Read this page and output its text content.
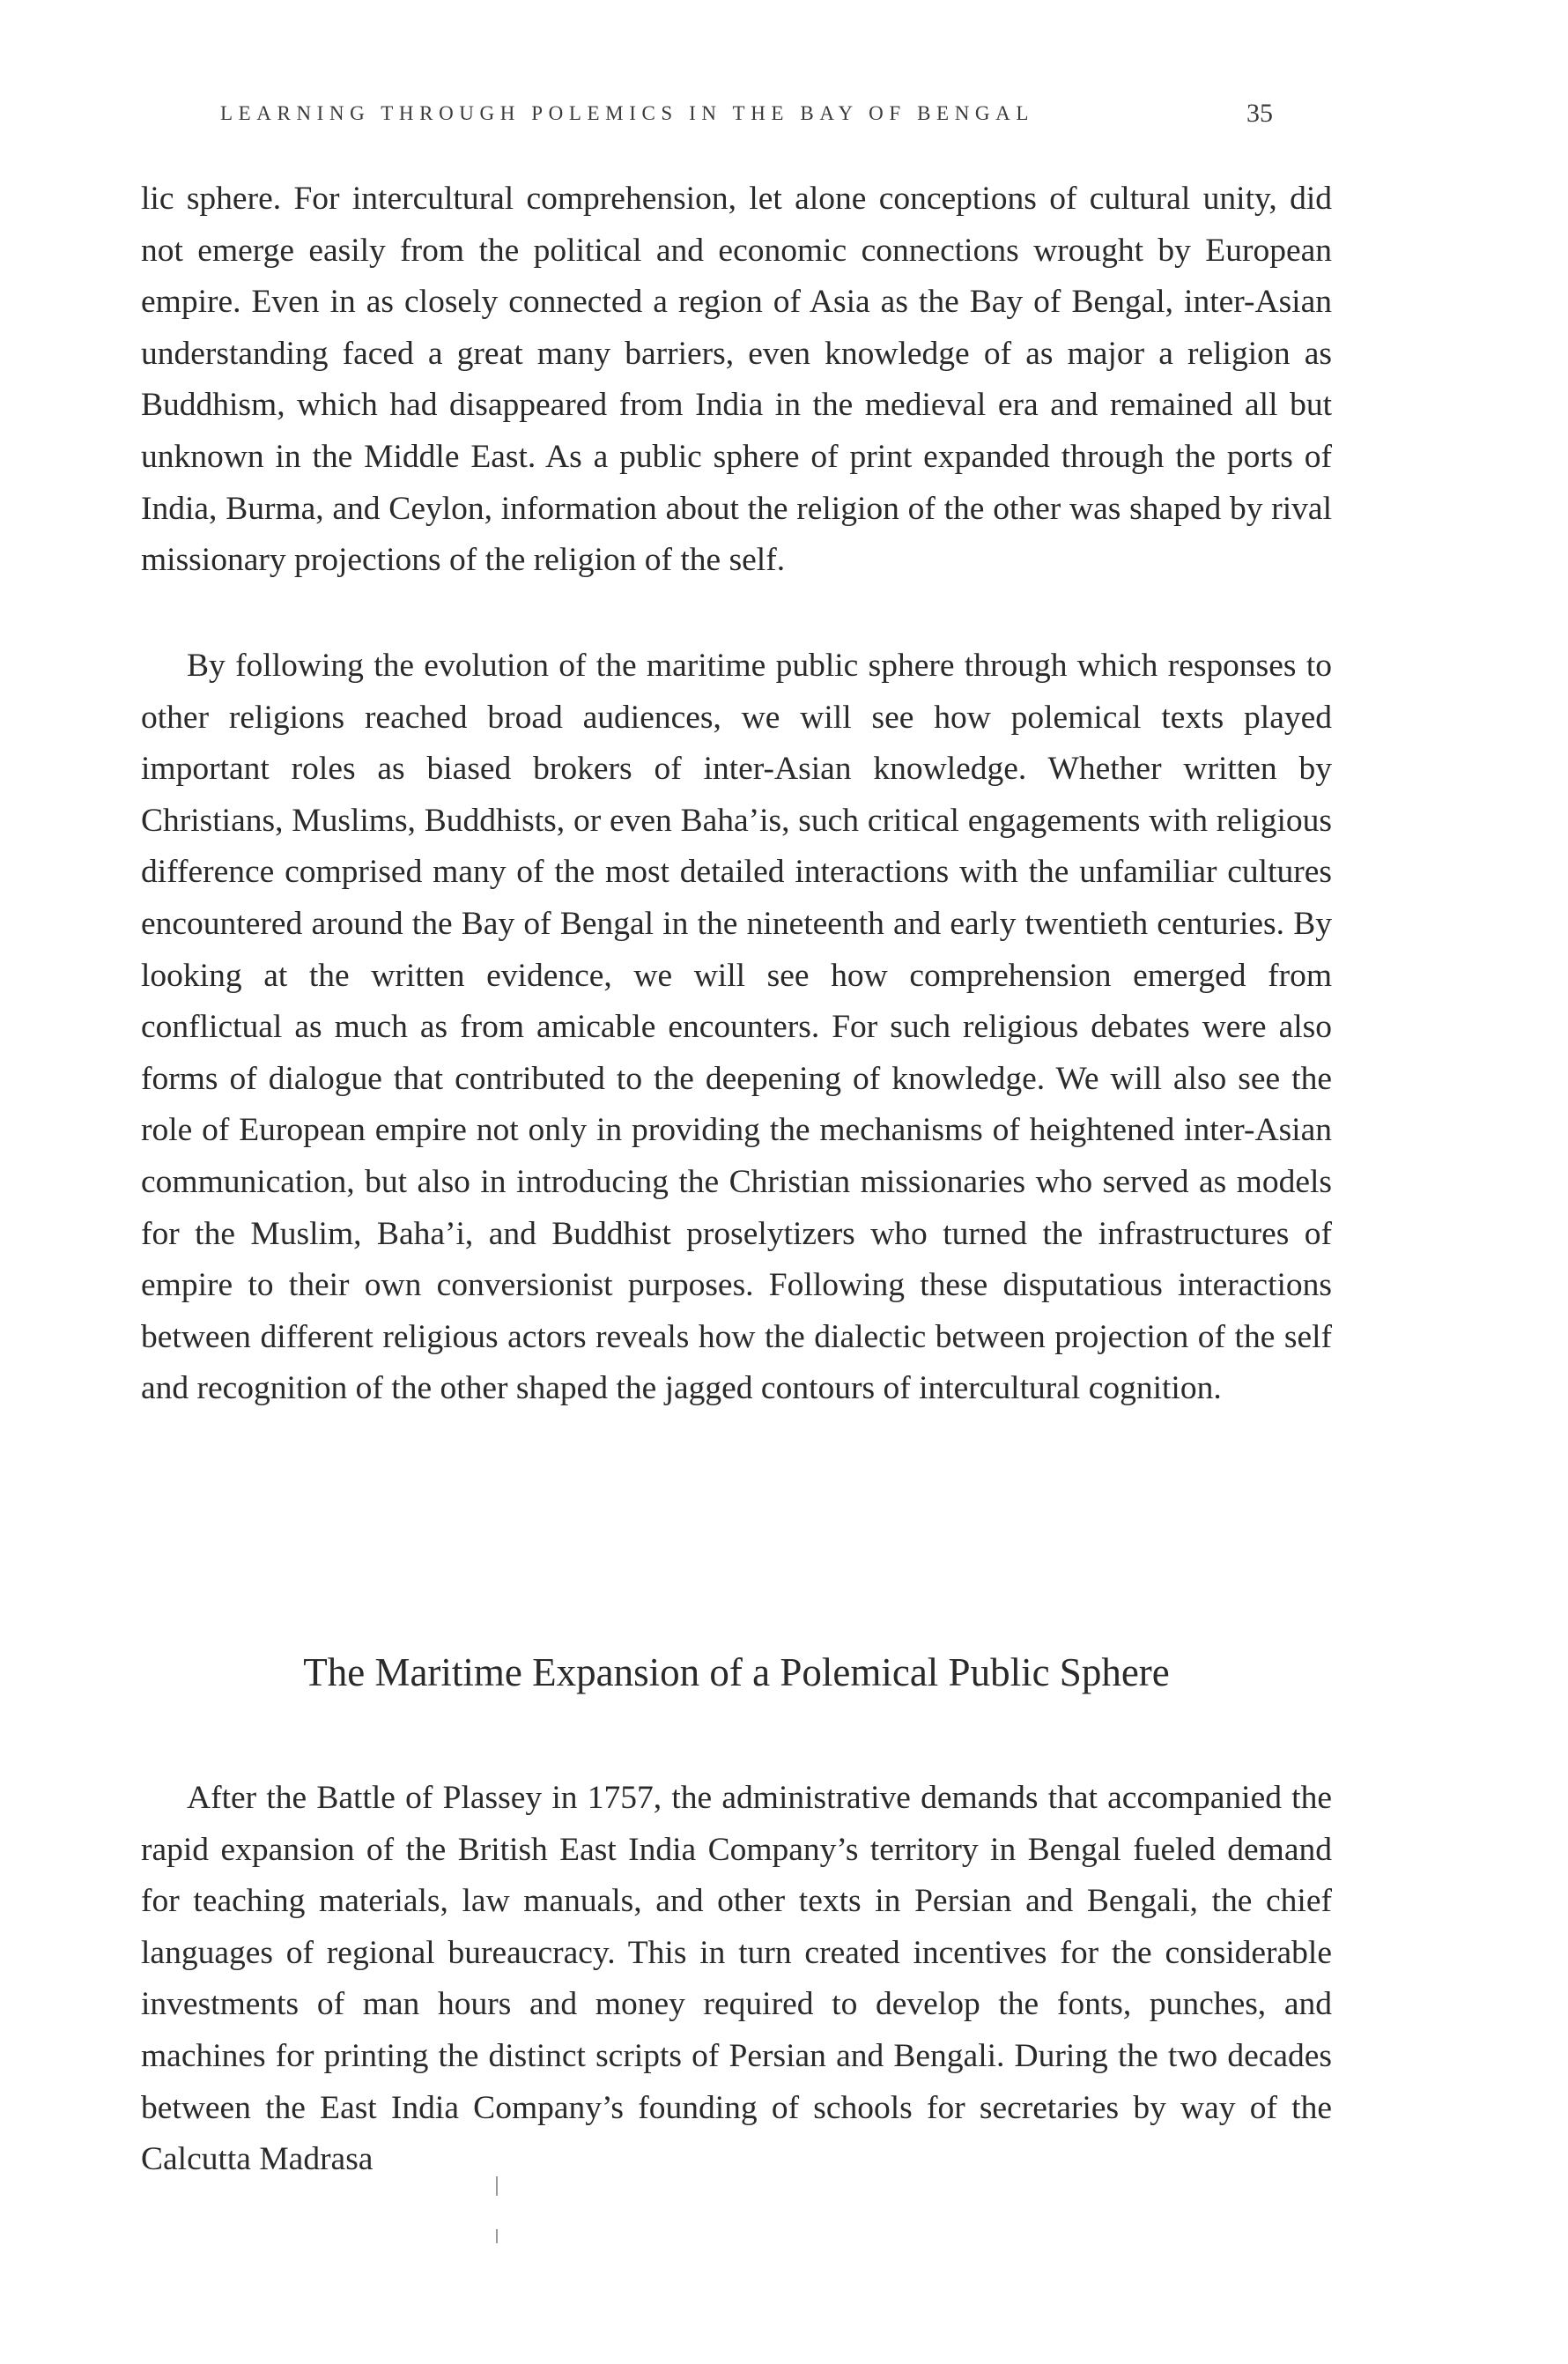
LEARNING THROUGH POLEMICS IN THE BAY OF BENGAL	35

lic sphere. For intercultural comprehension, let alone conceptions of cultural unity, did not emerge easily from the political and economic connections wrought by European empire. Even in as closely connected a region of Asia as the Bay of Bengal, inter-Asian understanding faced a great many barriers, even knowledge of as major a religion as Buddhism, which had disappeared from India in the medieval era and remained all but unknown in the Middle East. As a public sphere of print expanded through the ports of India, Burma, and Ceylon, information about the religion of the other was shaped by rival missionary projections of the religion of the self.

By following the evolution of the maritime public sphere through which responses to other religions reached broad audiences, we will see how polemical texts played important roles as biased brokers of inter-Asian knowledge. Whether written by Christians, Muslims, Buddhists, or even Baha’is, such critical engagements with religious difference comprised many of the most detailed interactions with the unfamiliar cultures encountered around the Bay of Bengal in the nineteenth and early twentieth centuries. By looking at the written evidence, we will see how comprehension emerged from conflictual as much as from amicable encounters. For such religious debates were also forms of dialogue that contributed to the deepening of knowledge. We will also see the role of European empire not only in providing the mechanisms of heightened inter-Asian communication, but also in introducing the Christian missionaries who served as models for the Muslim, Baha’i, and Buddhist proselytizers who turned the infrastructures of empire to their own conversionist purposes. Following these disputatious interactions between different religious actors reveals how the dialectic between projection of the self and recognition of the other shaped the jagged contours of intercultural cognition.

The Maritime Expansion of a Polemical Public Sphere

After the Battle of Plassey in 1757, the administrative demands that accompanied the rapid expansion of the British East India Company’s territory in Bengal fueled demand for teaching materials, law manuals, and other texts in Persian and Bengali, the chief languages of regional bureaucracy. This in turn created incentives for the considerable investments of man hours and money required to develop the fonts, punches, and machines for printing the distinct scripts of Persian and Bengali. During the two decades between the East India Company’s founding of schools for secretaries by way of the Calcutta Madrasa
